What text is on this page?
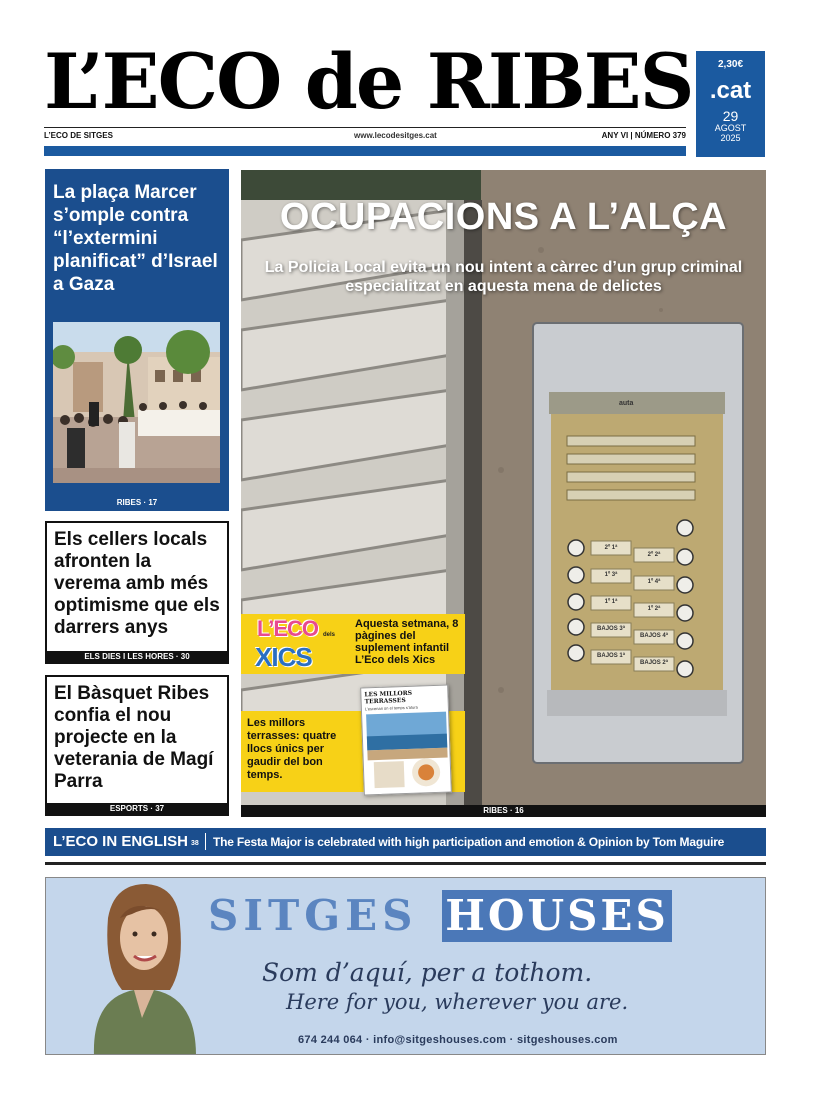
L’ECO de RIBES	2,30€
.cat
29
AGOST
2025
L’ECO DE SITGES	www.lecodesitges.cat	ANY VI | NÚMERO 379
La plaça Marcer s’omple contra “l’extermini planificat” d’Israel a Gaza
RIBES · 17
Els cellers locals afronten la verema amb més optimisme que els darrers anys
ELS DIES I LES HORES · 30
El Bàsquet Ribes confia el nou projecte en la veterania de Magí Parra
ESPORTS · 37
auta
2º 1ª
1º 3ª
1º 1ª
BAJOS 3ª
BAJOS 1ª
2º 2ª
1º 4ª
1º 2ª
BAJOS 4ª
BAJOS 2ª
OCUPACIONS A L’ALÇA
La Policia Local evita un nou intent a càrrec d’un grup criminal especialitzat en aquesta mena de delictes
L’ECO dels
XICS
Aquesta setmana, 8 pàgines del suplement infantil L’Eco dels Xics
Les millors terrasses: quatre llocs únics per gaudir del bon temps.
LES MILLORS TERRASSES
L’escenari on el temps s’atura
RIBES · 16
L’ECO IN ENGLISH 38 The Festa Major is celebrated with high participation and emotion & Opinion by Tom Maguire
SITGES HOUSES
Som d’aquí, per a tothom.
Here for you, wherever you are.
674 244 064 · info@sitgeshouses.com · sitgeshouses.com
